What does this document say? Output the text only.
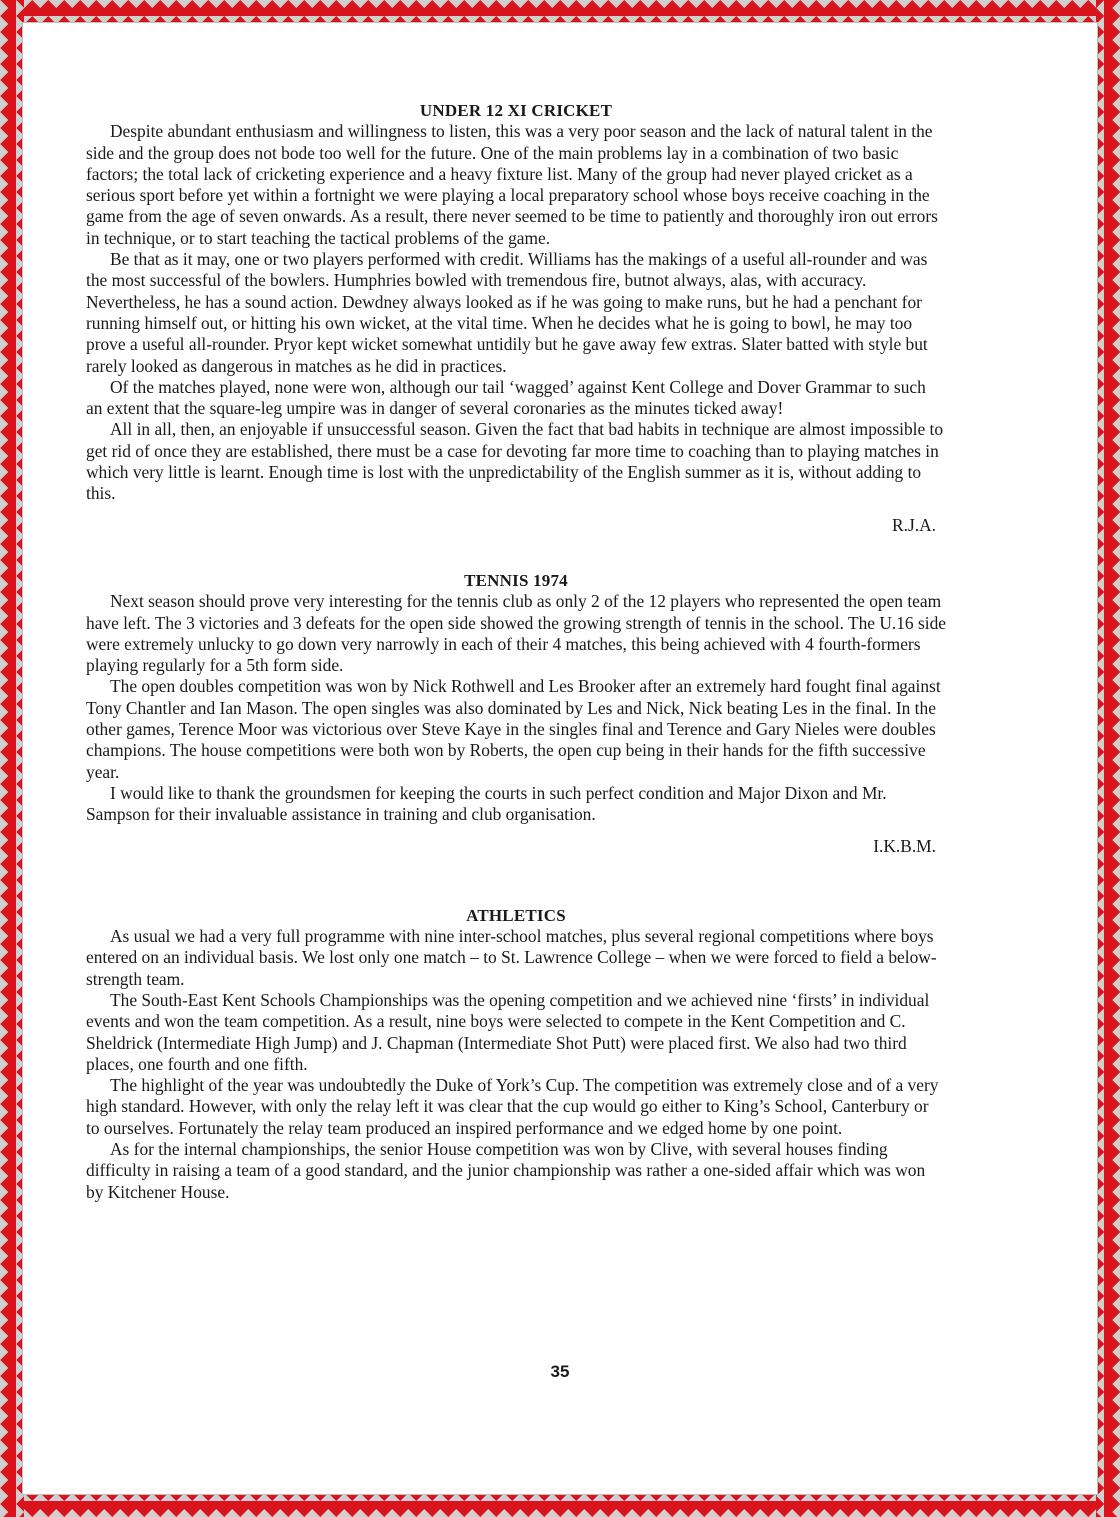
UNDER 12 XI CRICKET

Despite abundant enthusiasm and willingness to listen, this was a very poor season and the lack of natural talent in the side and the group does not bode too well for the future. One of the main problems lay in a combination of two basic factors; the total lack of cricketing experience and a heavy fixture list. Many of the group had never played cricket as a serious sport before yet within a fortnight we were playing a local preparatory school whose boys receive coaching in the game from the age of seven onwards. As a result, there never seemed to be time to patiently and thoroughly iron out errors in technique, or to start teaching the tactical problems of the game.

Be that as it may, one or two players performed with credit. Williams has the makings of a useful all-rounder and was the most successful of the bowlers. Humphries bowled with tremendous fire, butnot always, alas, with accuracy. Nevertheless, he has a sound action. Dewdney always looked as if he was going to make runs, but he had a penchant for running himself out, or hitting his own wicket, at the vital time. When he decides what he is going to bowl, he may too prove a useful all-rounder. Pryor kept wicket somewhat untidily but he gave away few extras. Slater batted with style but rarely looked as dangerous in matches as he did in practices.

Of the matches played, none were won, although our tail ‘wagged’ against Kent College and Dover Grammar to such an extent that the square-leg umpire was in danger of several coronaries as the minutes ticked away!

All in all, then, an enjoyable if unsuccessful season. Given the fact that bad habits in technique are almost impossible to get rid of once they are established, there must be a case for devoting far more time to coaching than to playing matches in which very little is learnt. Enough time is lost with the unpredictability of the English summer as it is, without adding to this.

R.J.A.
TENNIS 1974

Next season should prove very interesting for the tennis club as only 2 of the 12 players who represented the open team have left. The 3 victories and 3 defeats for the open side showed the growing strength of tennis in the school. The U.16 side were extremely unlucky to go down very narrowly in each of their 4 matches, this being achieved with 4 fourth-formers playing regularly for a 5th form side.

The open doubles competition was won by Nick Rothwell and Les Brooker after an extremely hard fought final against Tony Chantler and Ian Mason. The open singles was also dominated by Les and Nick, Nick beating Les in the final. In the other games, Terence Moor was victorious over Steve Kaye in the singles final and Terence and Gary Nieles were doubles champions. The house competitions were both won by Roberts, the open cup being in their hands for the fifth successive year.

I would like to thank the groundsmen for keeping the courts in such perfect condition and Major Dixon and Mr. Sampson for their invaluable assistance in training and club organisation.

I.K.B.M.
ATHLETICS

As usual we had a very full programme with nine inter-school matches, plus several regional competitions where boys entered on an individual basis. We lost only one match – to St. Lawrence College – when we were forced to field a below-strength team.

The South-East Kent Schools Championships was the opening competition and we achieved nine ‘firsts’ in individual events and won the team competition. As a result, nine boys were selected to compete in the Kent Competition and C. Sheldrick (Intermediate High Jump) and J. Chapman (Intermediate Shot Putt) were placed first. We also had two third places, one fourth and one fifth.

The highlight of the year was undoubtedly the Duke of York’s Cup. The competition was extremely close and of a very high standard. However, with only the relay left it was clear that the cup would go either to King’s School, Canterbury or to ourselves. Fortunately the relay team produced an inspired performance and we edged home by one point.

As for the internal championships, the senior House competition was won by Clive, with several houses finding difficulty in raising a team of a good standard, and the junior championship was rather a one-sided affair which was won by Kitchener House.

35
